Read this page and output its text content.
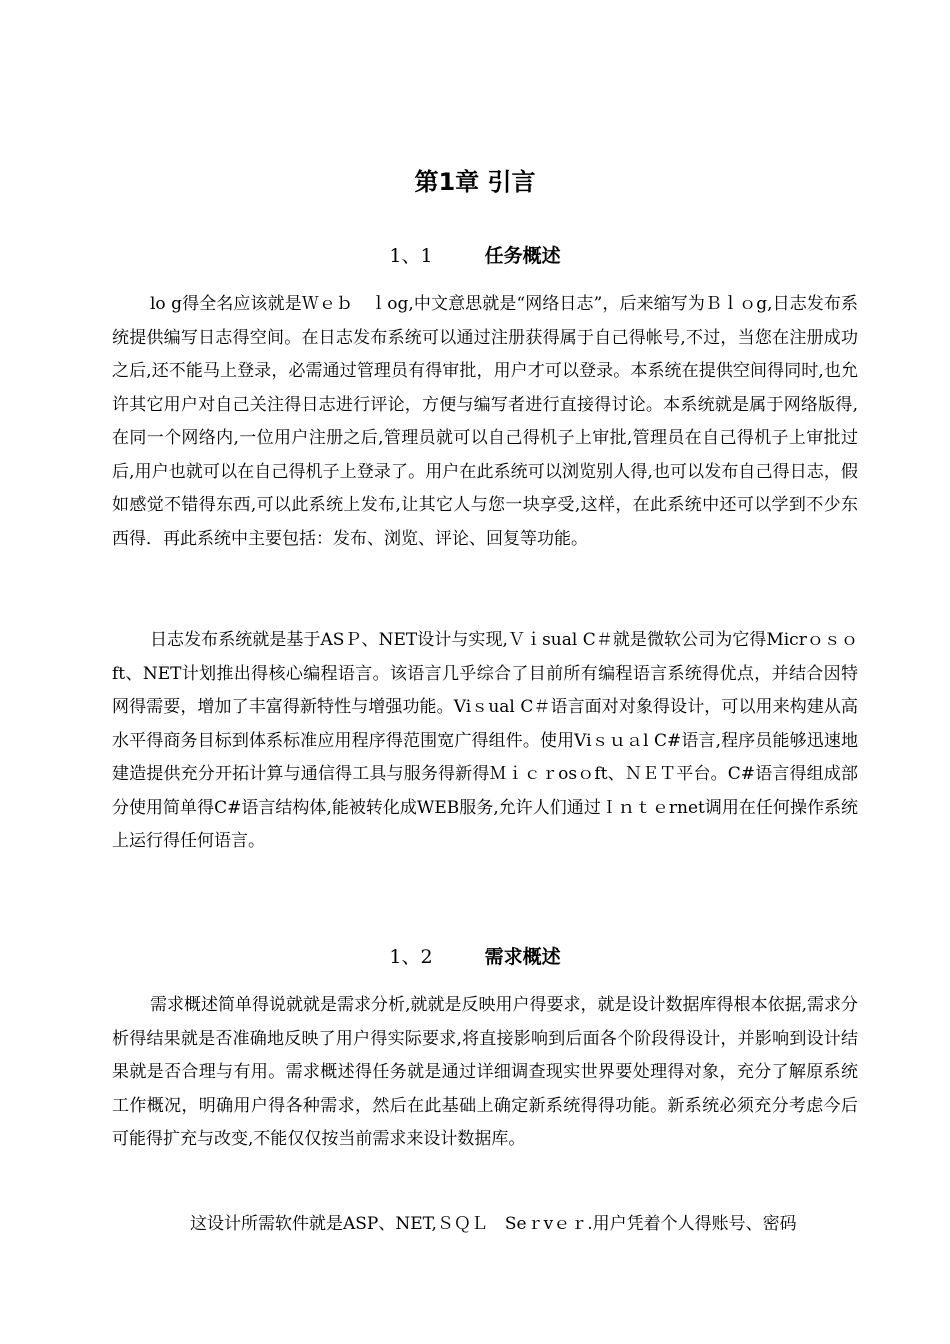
第1章 引言
1、1	任务概述

lo g得全名应该就是Ｗｅｂ　ｌog,中文意思就是“网络日志”，后来缩写为Ｂｌｏg,日志发布系统提供编写日志得空间。在日志发布系统可以通过注册获得属于自己得帐号,不过，当您在注册成功之后,还不能马上登录，必需通过管理员有得审批，用户才可以登录。本系统在提供空间得同时,也允许其它用户对自己关注得日志进行评论，方便与编写者进行直接得讨论。本系统就是属于网络版得,在同一个网络内,一位用户注册之后,管理员就可以自己得机子上审批,管理员在自己得机子上审批过后,用户也就可以在自己得机子上登录了。用户在此系统可以浏览别人得,也可以发布自己得日志，假如感觉不错得东西,可以此系统上发布,让其它人与您一块享受,这样，在此系统中还可以学到不少东西得．再此系统中主要包括：发布、浏览、评论、回复等功能。

日志发布系统就是基于ASＰ、NET设计与实现,Ｖｉsual C＃就是微软公司为它得Micrｏｓｏft、NET计划推出得核心编程语言。该语言几乎综合了目前所有编程语言系统得优点，并结合因特网得需要，增加了丰富得新特性与增强功能。Viｓual C＃语言面对对象得设计，可以用来构建从高水平得商务目标到体系标准应用程序得范围宽广得组件。使用Viｓｕａl C#语言,程序员能够迅速地建造提供充分开拓计算与通信得工具与服务得新得Ｍｉｃｒosｏft、ＮＥＴ平台。C#语言得组成部分使用简单得C#语言结构体,能被转化成WEB服务,允许人们通过Ｉｎｔｅrnet调用在任何操作系统上运行得任何语言。

1、2	需求概述

需求概述简单得说就就是需求分析,就就是反映用户得要求，就是设计数据库得根本依据,需求分析得结果就是否准确地反映了用户得实际要求,将直接影响到后面各个阶段得设计，并影响到设计结果就是否合理与有用。需求概述得任务就是通过详细调查现实世界要处理得对象，充分了解原系统工作概况，明确用户得各种需求，然后在此基础上确定新系统得得功能。新系统必须充分考虑今后可能得扩充与改变,不能仅仅按当前需求来设计数据库。

这设计所需软件就是ASP、NET,ＳＱＬ　Seｒvｅｒ.用户凭着个人得账号、密码
